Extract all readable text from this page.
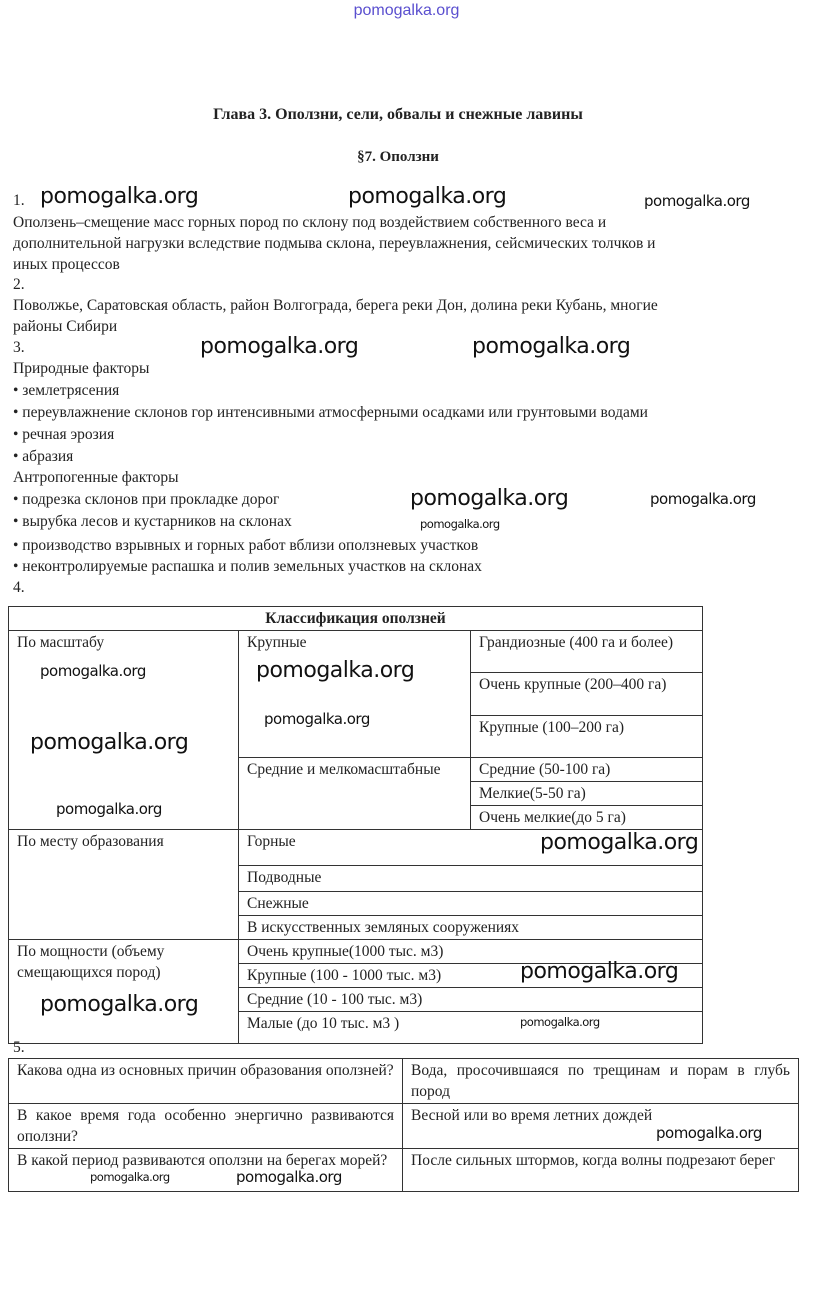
pomogalka.org
Глава 3. Оползни, сели, обвалы и снежные лавины
§7. Оползни
1.
Оползень–смещение масс горных пород по склону под воздействием собственного веса и
дополнительной нагрузки вследствие подмыва склона, переувлажнения, сейсмических толчков и
иных процессов
2.
Поволжье, Саратовская область, район Волгограда, берега реки Дон, долина реки Кубань, многие
районы Сибири
3.
Природные факторы
• землетрясения
• переувлажнение склонов гор интенсивными атмосферными осадками или грунтовыми водами
• речная эрозия
• абразия
Антропогенные факторы
• подрезка склонов при прокладке дорог
• вырубка лесов и кустарников на склонах
• производство взрывных и горных работ вблизи оползневых участков
• неконтролируемые распашка и полив земельных участков на склонах
4.
Классификация оползней		
По масштабу	Крупные	Грандиозные (400 га и более)
		Очень крупные (200–400 га)
		Крупные (100–200 га)
	Средние и мелкомасштабные	Средние (50-100 га)
		Мелкие(5-50 га)
		Очень мелкие(до 5 га)
По месту образования	Горные	
	Подводные	
	Снежные	
	В искусственных земляных сооружениях	
По мощности (объему смещающихся пород)	Очень крупные(1000 тыс. м3)	
	Крупные (100 - 1000 тыс. м3)	
	Средние (10 - 100 тыс. м3)	
	Малые (до 10 тыс. м3 )	
5.
Какова одна из основных причин образования оползней?	Вода, просочившаяся по трещинам и порам в глубь пород
В какое время года особенно энергично развиваются оползни?	Весной или во время летних дождей
В какой период развиваются оползни на берегах морей?	После сильных штормов, когда волны подрезают берег
pomogalka.org	pomogalka.org	pomogalka.org
pomogalka.org	pomogalka.org
pomogalka.org	pomogalka.org
pomogalka.org
pomogalka.org	pomogalka.org
pomogalka.org
pomogalka.org
pomogalka.org
pomogalka.org
pomogalka.org
pomogalka.org
pomogalka.org
pomogalka.org
pomogalka.org	pomogalka.org
